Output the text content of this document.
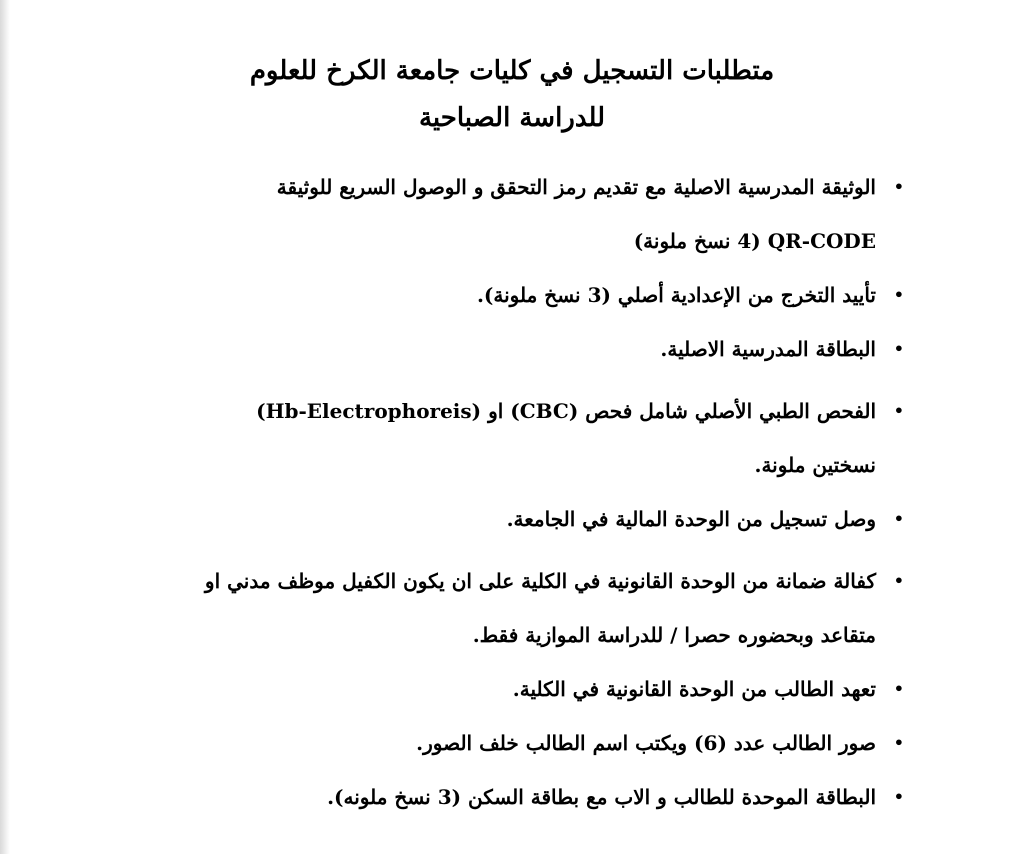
متطلبات التسجيل في كليات جامعة الكرخ للعلوم
للدراسة الصباحية
•
الوثيقة المدرسية الاصلية مع تقديم رمز التحقق و الوصول السريع للوثيقة
QR-CODE (4 نسخ ملونة)
•
تأييد التخرج من الإعدادية أصلي (3 نسخ ملونة).
•
البطاقة المدرسية الاصلية.
•
الفحص الطبي الأصلي شامل فحص (CBC) او (Hb-Electrophoreis)
نسختين ملونة.
•
وصل تسجيل من الوحدة المالية في الجامعة.
•
كفالة ضمانة من الوحدة القانونية في الكلية على ان يكون الكفيل موظف مدني او
متقاعد وبحضوره حصرا / للدراسة الموازية فقط.
•
تعهد الطالب من الوحدة القانونية في الكلية.
•
صور الطالب عدد (6) ويكتب اسم الطالب خلف الصور.
•
البطاقة الموحدة للطالب و الاب مع بطاقة السكن (3 نسخ ملونه).
